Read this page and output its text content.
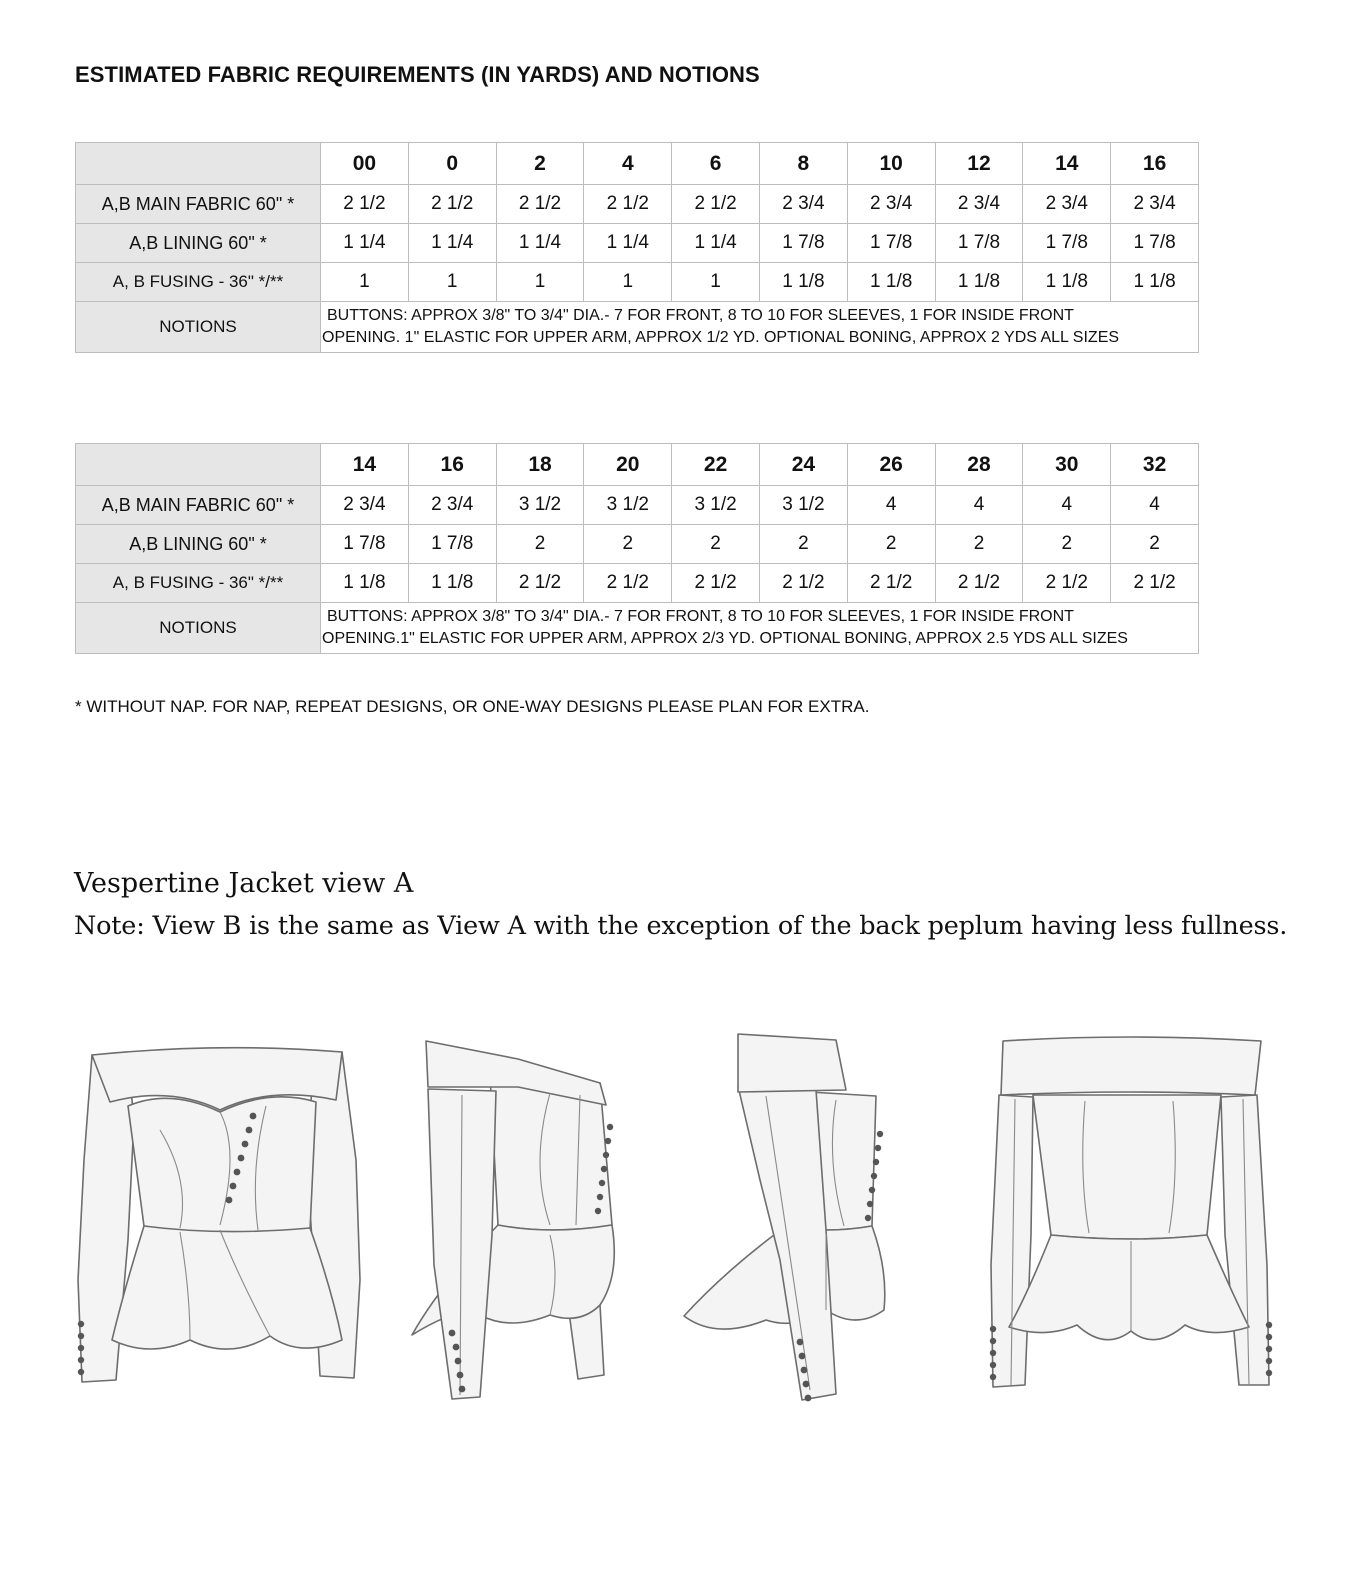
ESTIMATED FABRIC REQUIREMENTS (IN YARDS) AND NOTIONS
	00	0	2	4	6	8	10	12	14	16
A,B MAIN FABRIC 60" *	2 1/2	2 1/2	2 1/2	2 1/2	2 1/2	2 3/4	2 3/4	2 3/4	2 3/4	2 3/4
A,B LINING 60" *	1 1/4	1 1/4	1 1/4	1 1/4	1 1/4	1 7/8	1 7/8	1 7/8	1 7/8	1 7/8
A, B FUSING - 36" */**	1	1	1	1	1	1 1/8	1 1/8	1 1/8	1 1/8	1 1/8
NOTIONS	BUTTONS: APPROX 3/8" TO 3/4" DIA.- 7 FOR FRONT, 8 TO 10 FOR SLEEVES, 1 FOR INSIDE FRONT
OPENING. 1" ELASTIC FOR UPPER ARM, APPROX 1/2 YD. OPTIONAL BONING, APPROX 2 YDS ALL SIZES									
	14	16	18	20	22	24	26	28	30	32
A,B MAIN FABRIC 60" *	2 3/4	2 3/4	3 1/2	3 1/2	3 1/2	3 1/2	4	4	4	4
A,B LINING 60" *	1 7/8	1 7/8	2	2	2	2	2	2	2	2
A, B FUSING - 36" */**	1 1/8	1 1/8	2 1/2	2 1/2	2 1/2	2 1/2	2 1/2	2 1/2	2 1/2	2 1/2
NOTIONS	BUTTONS: APPROX 3/8" TO 3/4" DIA.- 7 FOR FRONT, 8 TO 10 FOR SLEEVES, 1 FOR INSIDE FRONT
OPENING.1" ELASTIC FOR UPPER ARM, APPROX 2/3 YD. OPTIONAL BONING, APPROX 2.5 YDS ALL SIZES									
* WITHOUT NAP. FOR NAP, REPEAT DESIGNS, OR ONE-WAY DESIGNS PLEASE PLAN FOR EXTRA.
Vespertine Jacket view A
Note: View B is the same as View A with the exception of the back peplum having less fullness.
